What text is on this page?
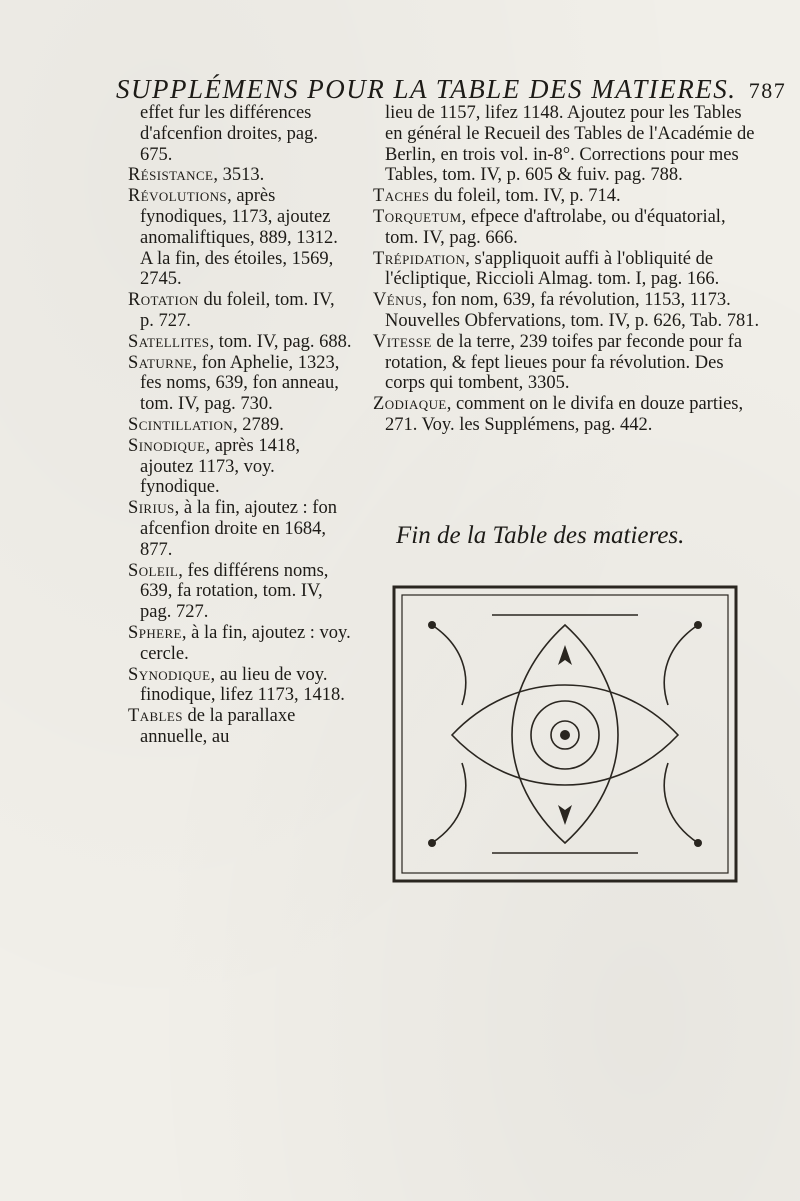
SUPPLÉMENS POUR LA TABLE DES MATIERES. 787

effet fur les différences d'afcenfion droites, pag. 675.

Résistance, 3513.

Révolutions, après fynodiques, 1173, ajoutez anomaliftiques, 889, 1312. A la fin, des étoiles, 1569, 2745.

Rotation du foleil, tom. IV, p. 727.

Satellites, tom. IV, pag. 688.

Saturne, fon Aphelie, 1323, fes noms, 639, fon anneau, tom. IV, pag. 730.

Scintillation, 2789.

Sinodique, après 1418, ajoutez 1173, voy. fynodique.

Sirius, à la fin, ajoutez : fon afcenfion droite en 1684, 877.

Soleil, fes différens noms, 639, fa rotation, tom. IV, pag. 727.

Sphere, à la fin, ajoutez : voy. cercle.

Synodique, au lieu de voy. finodique, lifez 1173, 1418.

Tables de la parallaxe annuelle, au

lieu de 1157, lifez 1148. Ajoutez pour les Tables en général le Recueil des Tables de l'Académie de Berlin, en trois vol. in-8°. Corrections pour mes Tables, tom. IV, p. 605 & fuiv. pag. 788.

Taches du foleil, tom. IV, p. 714.

Torquetum, efpece d'aftrolabe, ou d'équatorial, tom. IV, pag. 666.

Trépidation, s'appliquoit auffi à l'obliquité de l'écliptique, Riccioli Almag. tom. I, pag. 166.

Vénus, fon nom, 639, fa révolution, 1153, 1173. Nouvelles Obfervations, tom. IV, p. 626, Tab. 781.

Vitesse de la terre, 239 toifes par feconde pour fa rotation, & fept lieues pour fa révolution. Des corps qui tombent, 3305.

Zodiaque, comment on le divifa en douze parties, 271. Voy. les Supplémens, pag. 442.

Fin de la Table des matieres.
